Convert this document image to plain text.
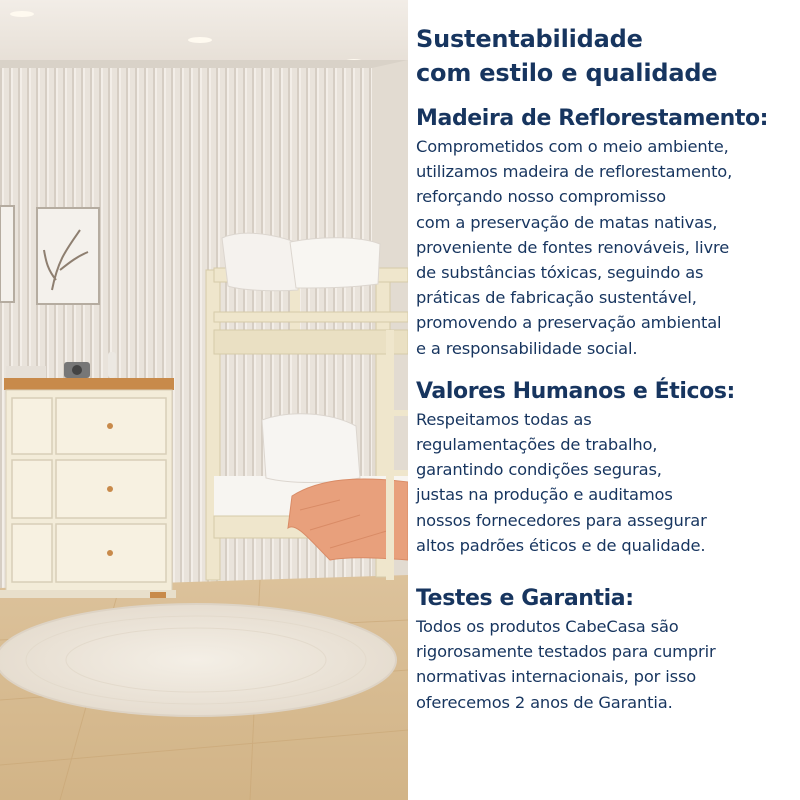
Sustentabilidade
com estilo e qualidade
Madeira de Reflorestamento:

Comprometidos com o meio ambiente,
utilizamos madeira de reflorestamento,
reforçando nosso compromisso
com a preservação de matas nativas,
proveniente de fontes renováveis, livre
de substâncias tóxicas, seguindo as
práticas de fabricação sustentável,
promovendo a preservação ambiental
e a responsabilidade social.

Valores Humanos e Éticos:

Respeitamos todas as
regulamentações de trabalho,
garantindo condições seguras,
justas na produção e auditamos
nossos fornecedores para assegurar
altos padrões éticos e de qualidade.

Testes e Garantia:

Todos os produtos CabeCasa são
rigorosamente testados para cumprir
normativas internacionais, por isso
oferecemos 2 anos de Garantia.
